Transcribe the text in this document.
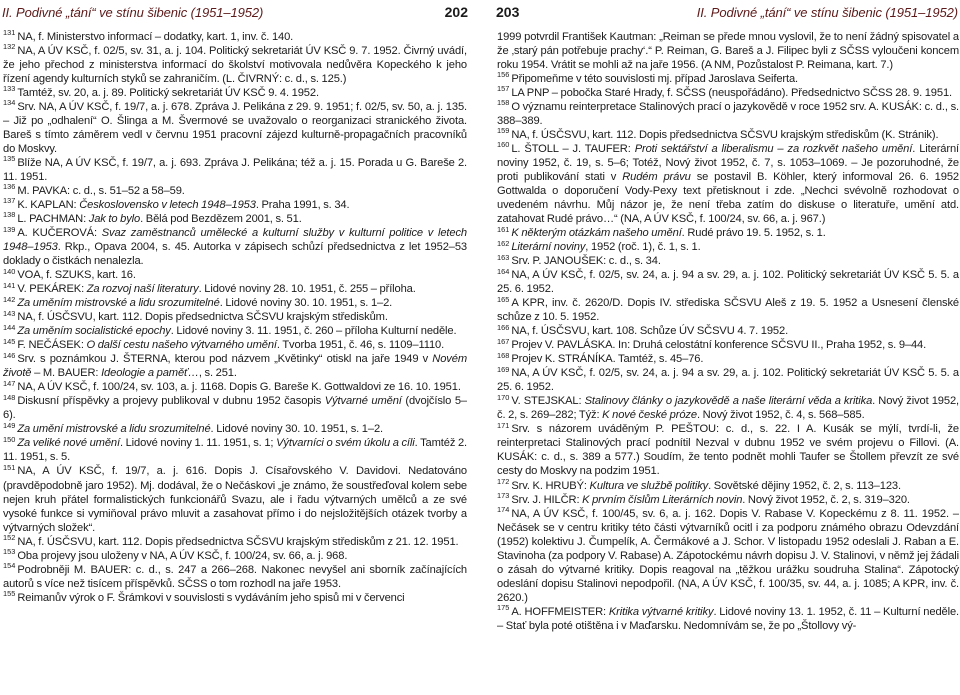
II. Podivné „tání“ ve stínu šibenic (1951–1952)	202
$^{131}$ NA, f. Ministerstvo informací – dodatky, kart. 1, inv. č. 140.
$^{132}$ NA, A ÚV KSČ, f. 02/5, sv. 31, a. j. 104. Politický sekretariát ÚV KSČ 9. 7. 1952. Čivrný uvádí, že jeho přechod z ministerstva informací do školství motivovala nedůvěra Kopeckého k jeho řízení agendy kulturních styků se zahraničím. (L. ČIVRNÝ: c. d., s. 125.)
$^{133}$ Tamtéž, sv. 20, a. j. 89. Politický sekretariát ÚV KSČ 9. 4. 1952.
$^{134}$ Srv. NA, A ÚV KSČ, f. 19/7, a. j. 678. Zpráva J. Pelikána z 29. 9. 1951; f. 02/5, sv. 50, a. j. 135. – Již po „odhalení“ O. Šlinga a M. Švermové se uvažovalo o reorganizaci stranického života. Bareš s tímto záměrem vedl v červnu 1951 pracovní zájezd kulturně-propagačních pracovníků do Moskvy.
$^{135}$ Blíže NA, A ÚV KSČ, f. 19/7, a. j. 693. Zpráva J. Pelikána; též a. j. 15. Porada u G. Bareše 2. 11. 1951.
$^{136}$ M. PAVKA: c. d., s. 51–52 a 58–59.
$^{137}$ K. KAPLAN: Československo v letech 1948–1953. Praha 1991, s. 34.
$^{138}$ L. PACHMAN: Jak to bylo. Bělá pod Bezdězem 2001, s. 51.
$^{139}$ A. KUČEROVÁ: Svaz zaměstnanců umělecké a kulturní služby v kulturní politice v letech 1948–1953. Rkp., Opava 2004, s. 45. Autorka v zápisech schůzí předsednictva z let 1952–53 doklady o čistkách nenalezla.
$^{140}$ VOA, f. SZUKS, kart. 16.
$^{141}$ V. PEKÁREK: Za rozvoj naší literatury. Lidové noviny 28. 10. 1951, č. 255 – příloha.
$^{142}$ Za uměním mistrovské a lidu srozumitelné. Lidové noviny 30. 10. 1951, s. 1–2.
$^{143}$ NA, f. ÚSČSVU, kart. 112. Dopis předsednictva SČSVU krajským střediskům.
$^{144}$ Za uměním socialistické epochy. Lidové noviny 3. 11. 1951, č. 260 – příloha Kulturní neděle.
$^{145}$ F. NEČÁSEK: O další cestu našeho výtvarného umění. Tvorba 1951, č. 46, s. 1109–1110.
$^{146}$ Srv. s poznámkou J. ŠTERNA, kterou pod názvem „Květinky“ otiskl na jaře 1949 v Novém životě – M. BAUER: Ideologie a paměť…, s. 251.
$^{147}$ NA, A ÚV KSČ, f. 100/24, sv. 103, a. j. 1168. Dopis G. Bareše K. Gottwaldovi ze 16. 10. 1951.
$^{148}$ Diskusní příspěvky a projevy publikoval v dubnu 1952 časopis Výtvarné umění (dvojčíslo 5–6).
$^{149}$ Za umění mistrovské a lidu srozumitelné. Lidové noviny 30. 10. 1951, s. 1–2.
$^{150}$ Za veliké nové umění. Lidové noviny 1. 11. 1951, s. 1; Výtvarníci o svém úkolu a cíli. Tamtéž 2. 11. 1951, s. 5.
$^{151}$ NA, A ÚV KSČ, f. 19/7, a. j. 616. Dopis J. Císařovského V. Davidovi. Nedatováno (pravděpodobně jaro 1952). Mj. dodával, že o Nečáskovi „je známo, že soustřeďoval kolem sebe nejen kruh přátel formalistických funkcionářů Svazu, ale i řadu výtvarných umělců a ze své vysoké funkce si vymiňoval právo mluvit a zasahovat přímo i do nejsložitějších otázek tvorby a výtvarných složek“.
$^{152}$ NA, f. ÚSČSVU, kart. 112. Dopis předsednictva SČSVU krajským střediskům z 21. 12. 1951.
$^{153}$ Oba projevy jsou uloženy v NA, A ÚV KSČ, f. 100/24, sv. 66, a. j. 968.
$^{154}$ Podrobněji M. BAUER: c. d., s. 247 a 266–268. Nakonec nevyšel ani sborník začínajících autorů s více než tisícem příspěvků. SČSS o tom rozhodl na jaře 1953.
$^{155}$ Reimanův výrok o F. Šrámkovi v souvislosti s vydáváním jeho spisů mi v červenci
203	II. Podivné „tání“ ve stínu šibenic (1951–1952)
1999 potvrdil František Kautman: „Reiman se přede mnou vyslovil, že to není žádný spisovatel a že ‚starý pán potřebuje prachy‘.“ P. Reiman, G. Bareš a J. Filipec byli z SČSS vyloučeni koncem roku 1954. Vrátit se mohli až na jaře 1956. (A NM, Pozůstalost P. Reimana, kart. 7.)
$^{156}$ Připomeňme v této souvislosti mj. případ Jaroslava Seiferta.
$^{157}$ LA PNP – pobočka Staré Hrady, f. SČSS (neuspořádáno). Předsednictvo SČSS 28. 9. 1951.
$^{158}$ O významu reinterpretace Stalinových prací o jazykovědě v roce 1952 srv. A. KUSÁK: c. d., s. 388–389.
$^{159}$ NA, f. ÚSČSVU, kart. 112. Dopis předsednictva SČSVU krajským střediskům (K. Stránik).
$^{160}$ L. ŠTOLL – J. TAUFER: Proti sektářství a liberalismu – za rozkvět našeho umění. Literární noviny 1952, č. 19, s. 5–6; Totéž, Nový život 1952, č. 7, s. 1053–1069. – Je pozoruhodné, že proti publikování stati v Rudém právu se postavil B. Köhler, který informoval 26. 6. 1952 Gottwalda o doporučení Vody-Pexy text přetisknout i zde. „Nechci svévolně rozhodovat o uvedeném návrhu. Můj názor je, že není třeba zatím do diskuse o literatuře, umění atd. zatahovat Rudé právo…“ (NA, A ÚV KSČ, f. 100/24, sv. 66, a. j. 967.)
$^{161}$ K některým otázkám našeho umění. Rudé právo 19. 5. 1952, s. 1.
$^{162}$ Literární noviny, 1952 (roč. 1), č. 1, s. 1.
$^{163}$ Srv. P. JANOUŠEK: c. d., s. 34.
$^{164}$ NA, A ÚV KSČ, f. 02/5, sv. 24, a. j. 94 a sv. 29, a. j. 102. Politický sekretariát ÚV KSČ 5. 5. a 25. 6. 1952.
$^{165}$ A KPR, inv. č. 2620/D. Dopis IV. střediska SČSVU Aleš z 19. 5. 1952 a Usnesení členské schůze z 10. 5. 1952.
$^{166}$ NA, f. ÚSČSVU, kart. 108. Schůze ÚV SČSVU 4. 7. 1952.
$^{167}$ Projev V. PAVLÁSKA. In: Druhá celostátní konference SČSVU II., Praha 1952, s. 9–44.
$^{168}$ Projev K. STRÁNÍKA. Tamtéž, s. 45–76.
$^{169}$ NA, A ÚV KSČ, f. 02/5, sv. 24, a. j. 94 a sv. 29, a. j. 102. Politický sekretariát ÚV KSČ 5. 5. a 25. 6. 1952.
$^{170}$ V. STEJSKAL: Stalinovy články o jazykovědě a naše literární věda a kritika. Nový život 1952, č. 2, s. 269–282; Týž: K nové české próze. Nový život 1952, č. 4, s. 568–585.
$^{171}$ Srv. s názorem uváděným P. PEŠTOU: c. d., s. 22. I A. Kusák se mýlí, tvrdí-li, že reinterpretaci Stalinových prací podnítil Nezval v dubnu 1952 ve svém projevu o Fillovi. (A. KUSÁK: c. d., s. 389 a 577.) Soudím, že tento podnět mohli Taufer se Štollem převzít ze své cesty do Moskvy na podzim 1951.
$^{172}$ Srv. K. HRUBÝ: Kultura ve službě politiky. Sovětské dějiny 1952, č. 2, s. 113–123.
$^{173}$ Srv. J. HILČR: K prvním číslům Literárních novin. Nový život 1952, č. 2, s. 319–320.
$^{174}$ NA, A ÚV KSČ, f. 100/45, sv. 6, a. j. 162. Dopis V. Rabase V. Kopeckému z 8. 11. 1952. – Nečásek se v centru kritiky této části výtvarníků ocitl i za podporu známého obrazu Odevzdání (1952) kolektivu J. Čumpelík, A. Čermákové a J. Schor. V listopadu 1952 odeslali J. Raban a E. Stavinoha (za podpory V. Rabase) A. Zápotockému návrh dopisu J. V. Stalinovi, v němž jej žádali o zásah do výtvarné kritiky. Dopis reagoval na „těžkou urážku soudruha Stalina“. Zápotocký odeslání dopisu Stalinovi nepodpořil. (NA, A ÚV KSČ, f. 100/35, sv. 44, a. j. 1085; A KPR, inv. č. 2620.)
$^{175}$ A. HOFFMEISTER: Kritika výtvarné kritiky. Lidové noviny 13. 1. 1952, č. 11 – Kulturní neděle. – Stať byla poté otištěna i v Maďarsku. Nedomnívám se, že po „Štollovy vý-
